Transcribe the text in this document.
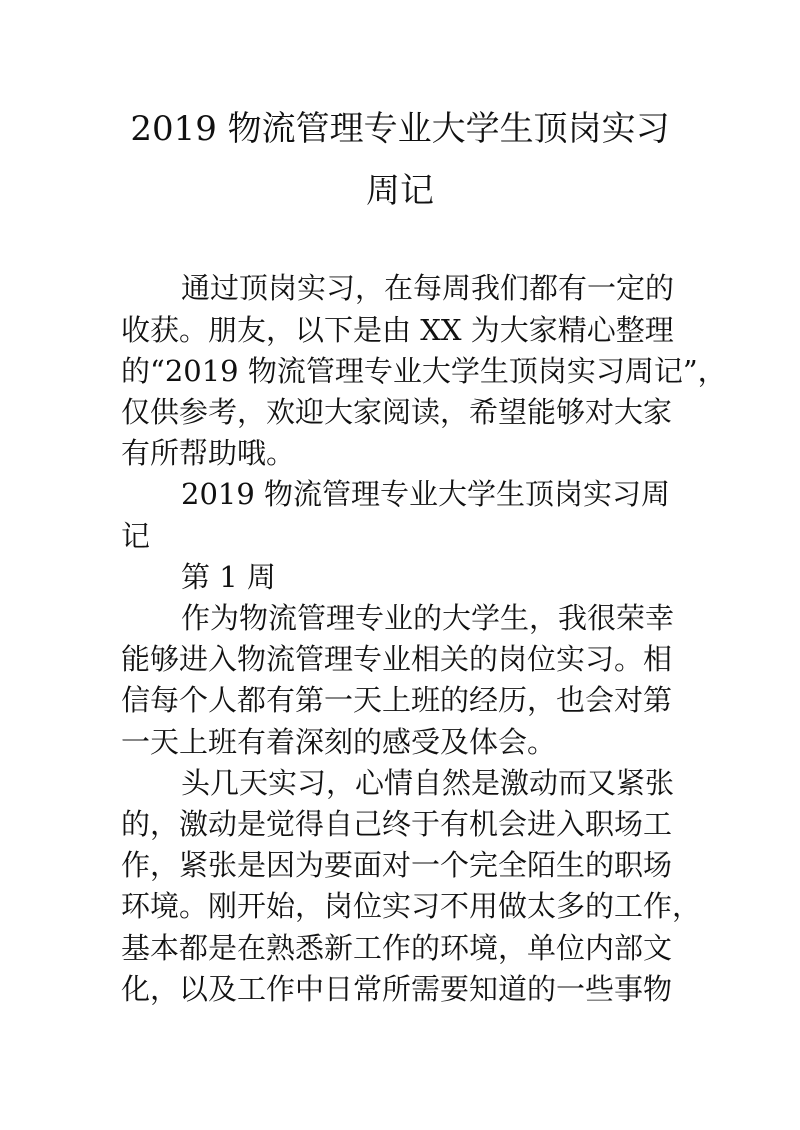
2019 物流管理专业大学生顶岗实习
周记
通过顶岗实习，在每周我们都有一定的
收获。朋友，以下是由 XX 为大家精心整理
的“2019 物流管理专业大学生顶岗实习周记”，
仅供参考，欢迎大家阅读，希望能够对大家
有所帮助哦。
2019 物流管理专业大学生顶岗实习周
记
第 1 周
作为物流管理专业的大学生，我很荣幸
能够进入物流管理专业相关的岗位实习。相
信每个人都有第一天上班的经历，也会对第
一天上班有着深刻的感受及体会。
头几天实习，心情自然是激动而又紧张
的，激动是觉得自己终于有机会进入职场工
作，紧张是因为要面对一个完全陌生的职场
环境。刚开始，岗位实习不用做太多的工作，
基本都是在熟悉新工作的环境，单位内部文
化，以及工作中日常所需要知道的一些事物
